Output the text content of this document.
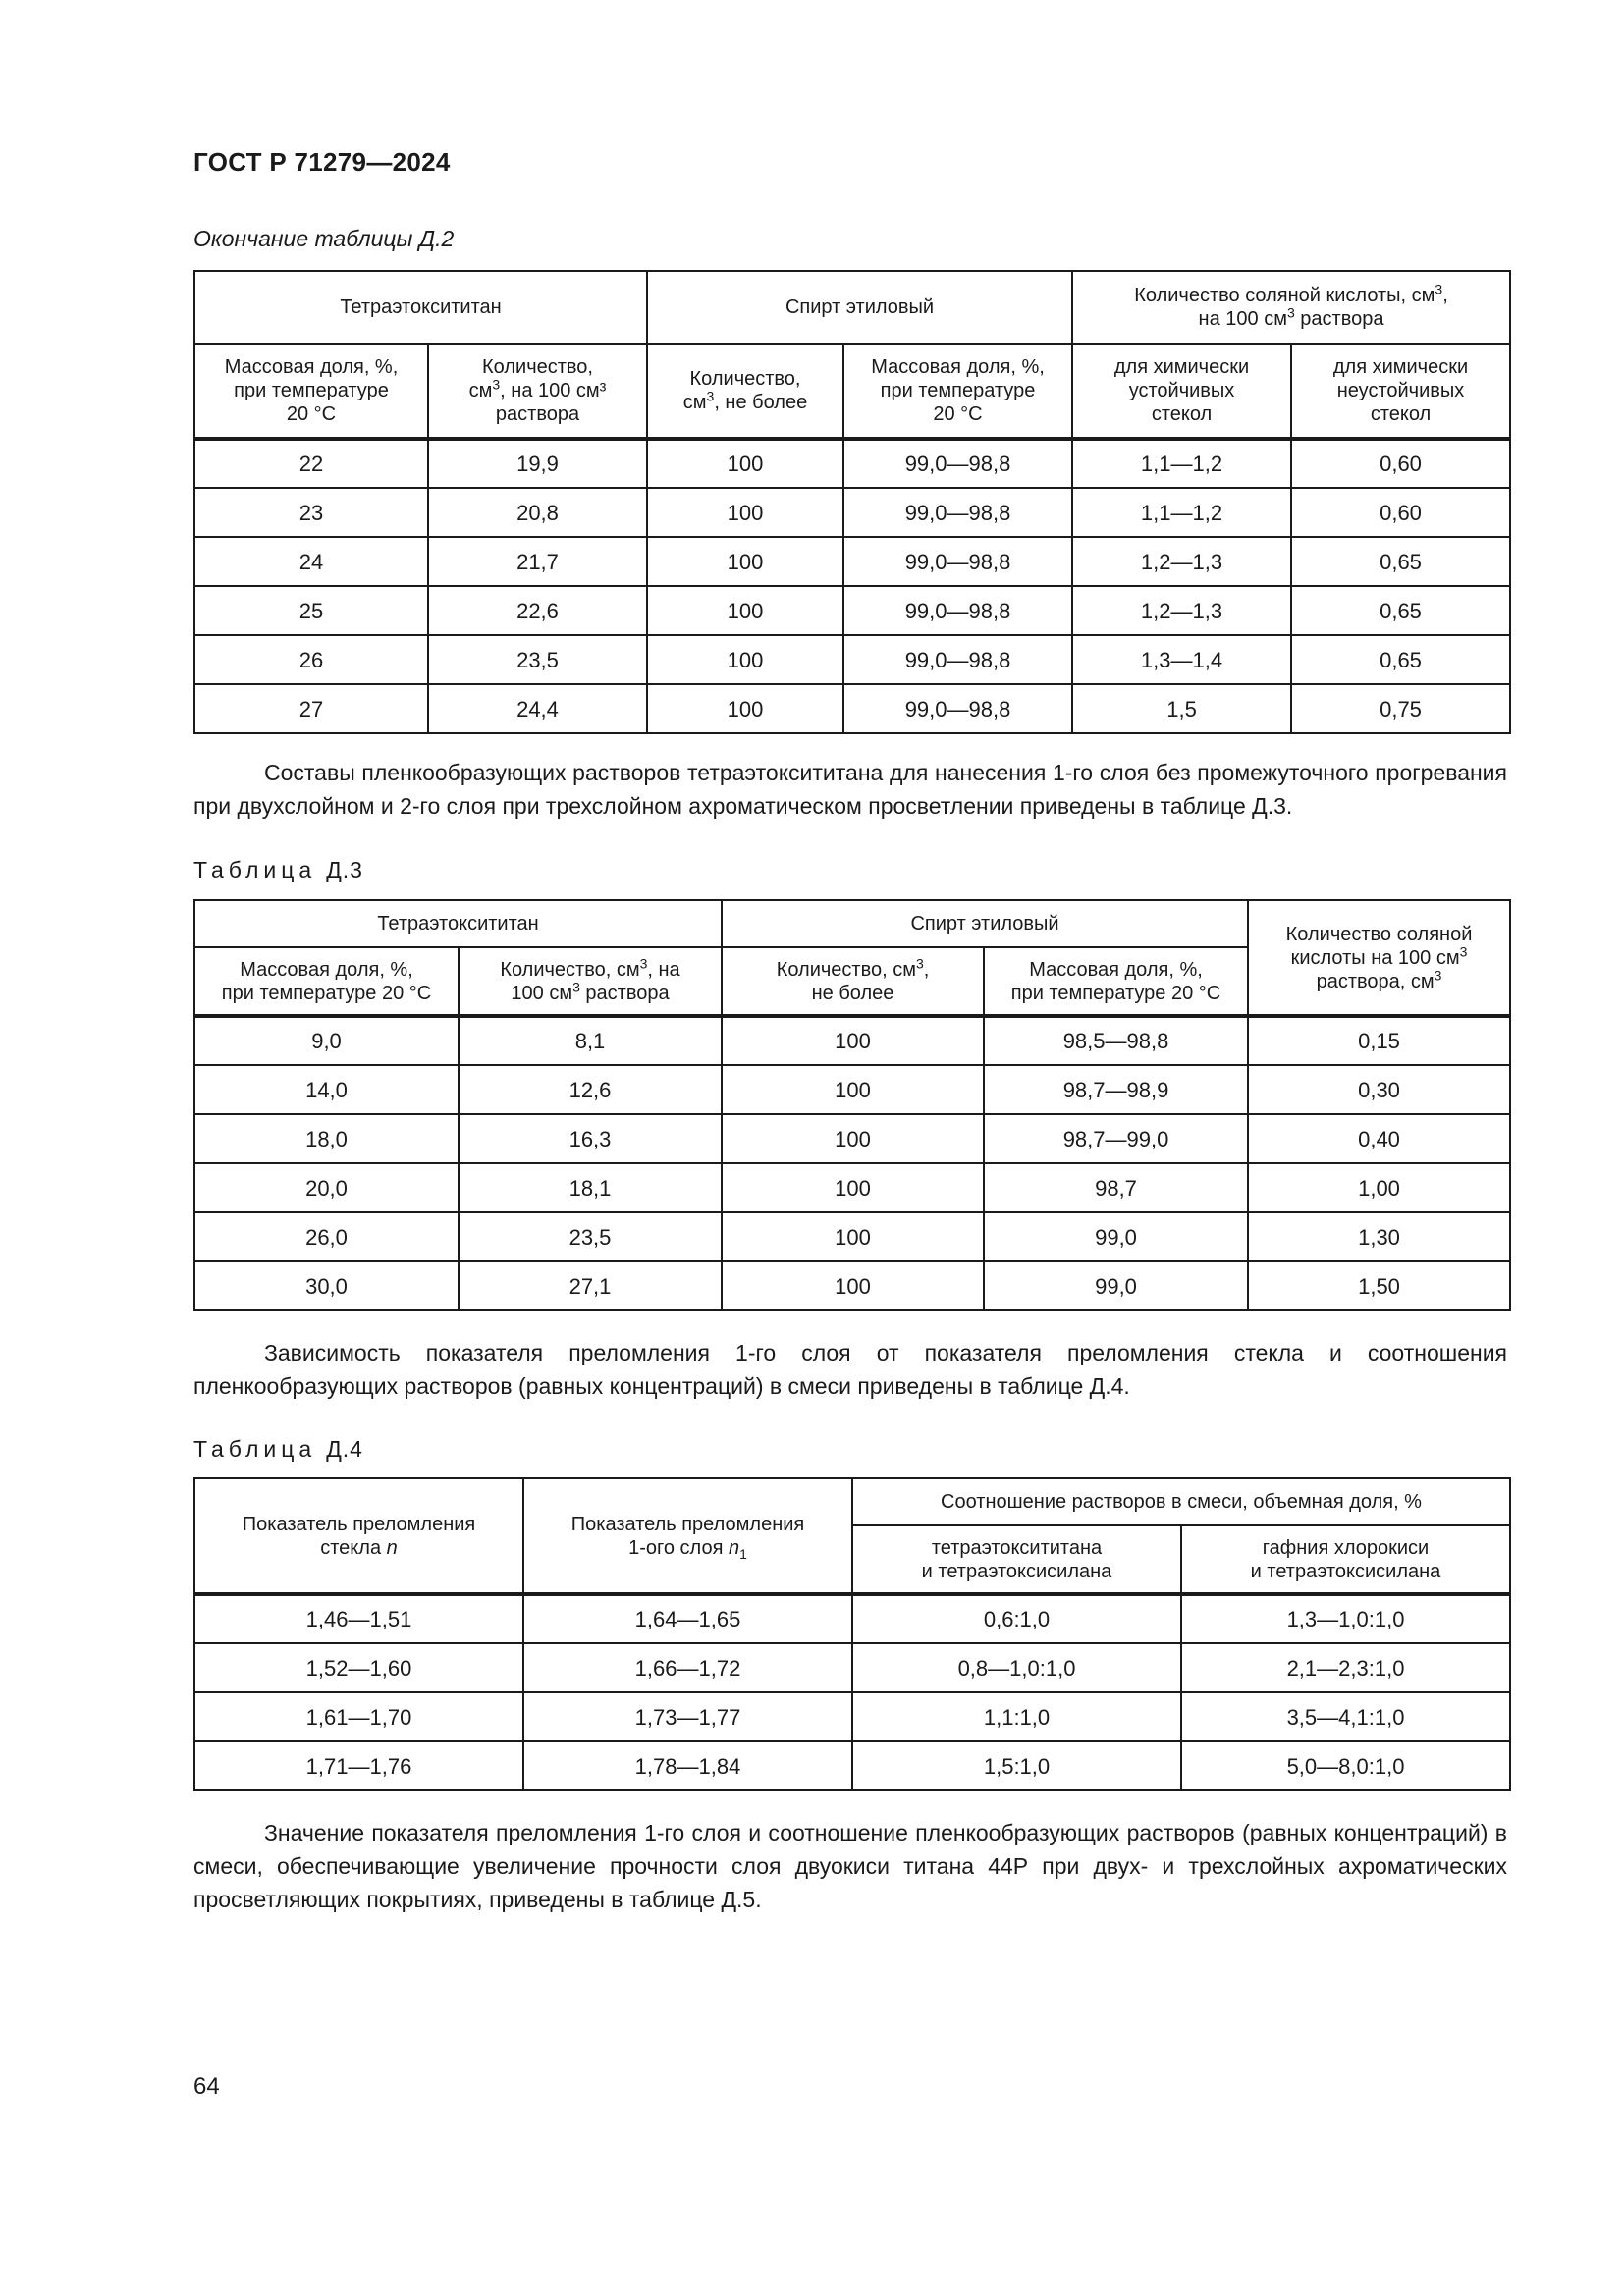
ГОСТ Р 71279—2024
Окончание таблицы Д.2
Тетраэтоксититан		Спирт этиловый		Количество соляной кислоты, $см^3$,
на 100 $см^3$ раствора	
Массовая доля, %,
при температуре
20 °С	Количество,
$см^3$, на 100 см³
раствора	Количество,
$см^3$, не более	Массовая доля, %,
при температуре
20 °С	для химически
устойчивых
стекол	для химически
неустойчивых
стекол
22	19,9	100	99,0—98,8	1,1—1,2	0,60
23	20,8	100	99,0—98,8	1,1—1,2	0,60
24	21,7	100	99,0—98,8	1,2—1,3	0,65
25	22,6	100	99,0—98,8	1,2—1,3	0,65
26	23,5	100	99,0—98,8	1,3—1,4	0,65
27	24,4	100	99,0—98,8	1,5	0,75

Составы пленкообразующих растворов тетраэтоксититана для нанесения 1-го слоя без промежуточного прогревания при двухслойном и 2-го слоя при трехслойном ахроматическом просветлении приведены в таблице Д.3.

Таблица Д.3
Тетраэтоксититан		Спирт этиловый		Количество соляной
кислоты на 100 $см^3$
раствора, $см^3$
Массовая доля, %,
при температуре 20 °С	Количество, $см^3$, на
100 $см^3$ раствора	Количество, $см^3$,
не более	Массовая доля, %,
при температуре 20 °С	
9,0	8,1	100	98,5—98,8	0,15
14,0	12,6	100	98,7—98,9	0,30
18,0	16,3	100	98,7—99,0	0,40
20,0	18,1	100	98,7	1,00
26,0	23,5	100	99,0	1,30
30,0	27,1	100	99,0	1,50

Зависимость показателя преломления 1-го слоя от показателя преломления стекла и соотношения пленкообразующих растворов (равных концентраций) в смеси приведены в таблице Д.4.

Таблица Д.4
Показатель преломления
стекла n	Показатель преломления
1-ого слоя $n_1$	Соотношение растворов в смеси, объемная доля, %	
		тетраэтоксититана
и тетраэтоксисилана	гафния хлорокиси
и тетраэтоксисилана
1,46—1,51	1,64—1,65	0,6:1,0	1,3—1,0:1,0
1,52—1,60	1,66—1,72	0,8—1,0:1,0	2,1—2,3:1,0
1,61—1,70	1,73—1,77	1,1:1,0	3,5—4,1:1,0
1,71—1,76	1,78—1,84	1,5:1,0	5,0—8,0:1,0

Значение показателя преломления 1-го слоя и соотношение пленкообразующих растворов (равных концентраций) в смеси, обеспечивающие увеличение прочности слоя двуокиси титана 44Р при двух- и трехслойных ахроматических просветляющих покрытиях, приведены в таблице Д.5.

64
